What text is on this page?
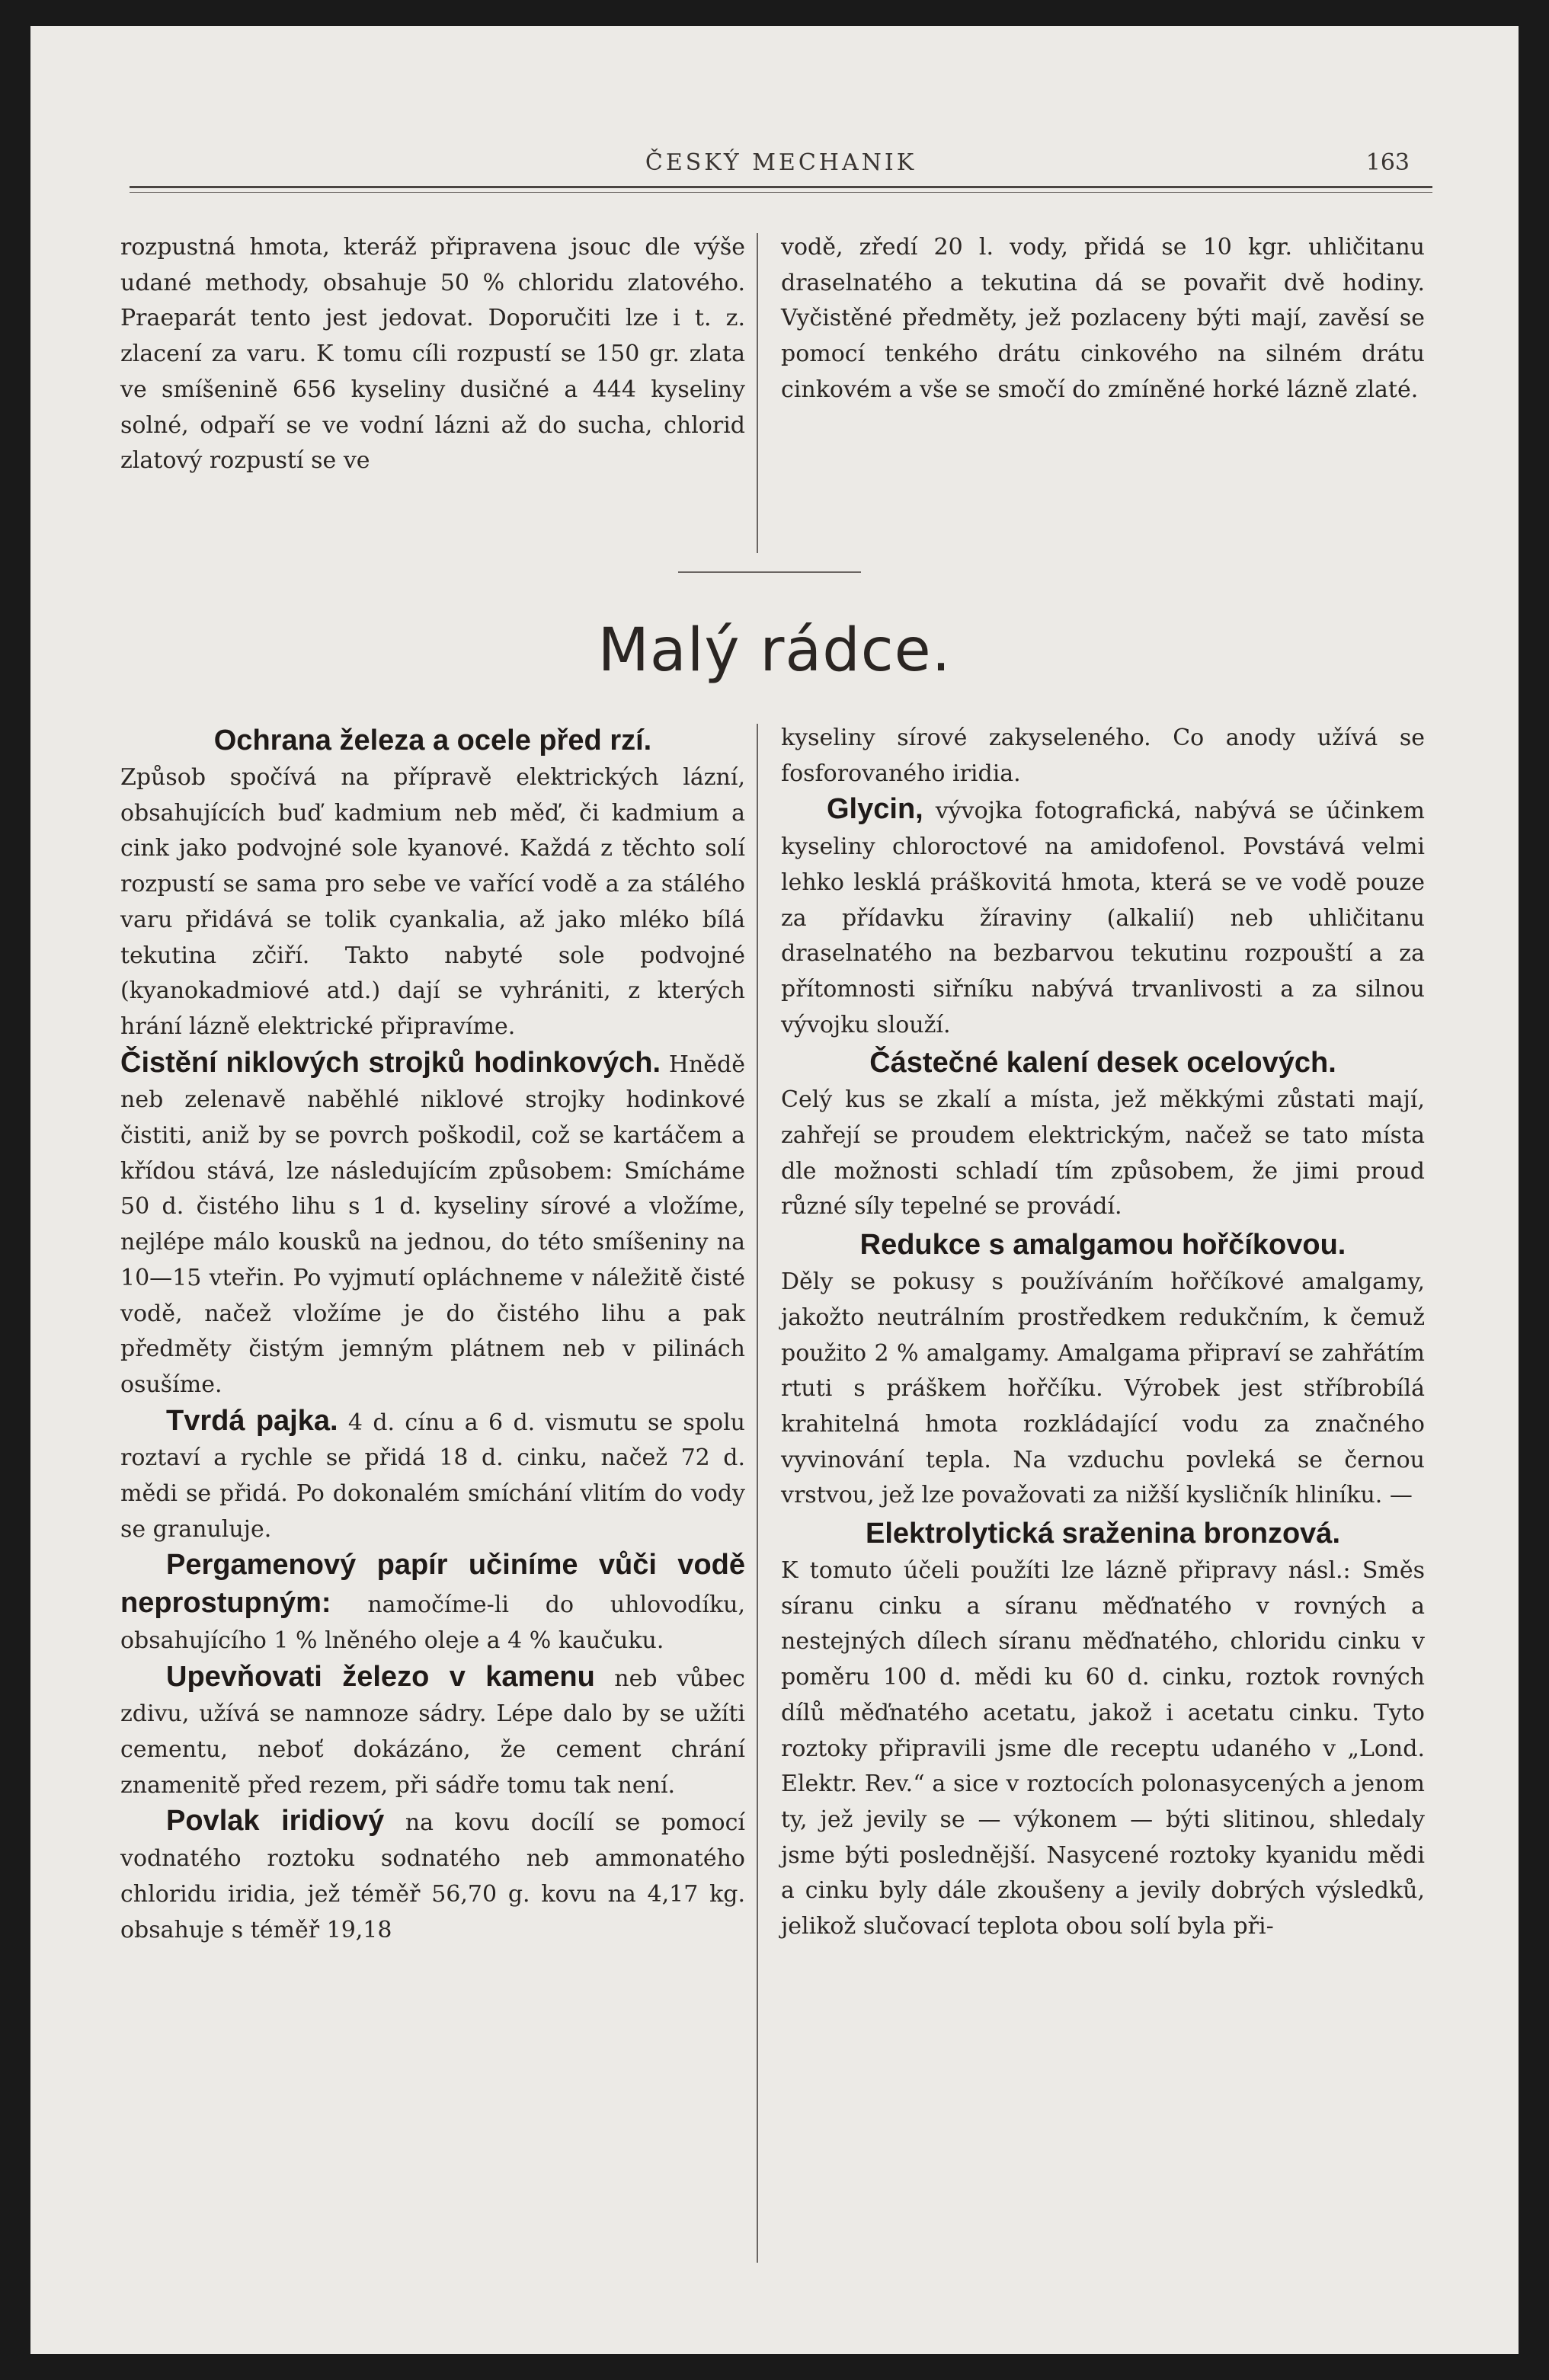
ČESKÝ MECHANIK	163

rozpustná hmota, kteráž připravena jsouc dle výše udané methody, obsahuje 50 % chloridu zlatového. Praeparát tento jest jedovat. Doporučiti lze i t. z. zlacení za varu. K tomu cíli rozpustí se 150 gr. zlata ve smíšenině 656 kyseliny dusičné a 444 kyseliny solné, odpaří se ve vodní lázni až do sucha, chlorid zlatový rozpustí se ve

vodě, zředí 20 l. vody, přidá se 10 kgr. uhličitanu draselnatého a tekutina dá se povařit dvě hodiny. Vyčistěné předměty, jež pozlaceny býti mají, zavěsí se pomocí tenkého drátu cinkového na silném drátu cinkovém a vše se smočí do zmíněné horké lázně zlaté.

Malý rádce.
Ochrana železa a ocele před rzí.

Způsob spočívá na přípravě elektrických lázní, obsahujících buď kadmium neb měď, či kadmium a cink jako podvojné sole kyanové. Každá z těchto solí rozpustí se sama pro sebe ve vařící vodě a za stálého varu přidává se tolik cyankalia, až jako mléko bílá tekutina zčiří. Takto nabyté sole podvojné (kyanokadmiové atd.) dají se vyhrániti, z kterých hrání lázně elektrické připravíme.

Čistění niklových strojků hodinkových. Hnědě neb zelenavě naběhlé niklové strojky hodinkové čistiti, aniž by se povrch poškodil, což se kartáčem a křídou stává, lze následujícím způsobem: Smícháme 50 d. čistého lihu s 1 d. kyseliny sírové a vložíme, nejlépe málo kousků na jednou, do této smíšeniny na 10—15 vteřin. Po vyjmutí opláchneme v náležitě čisté vodě, načež vložíme je do čistého lihu a pak předměty čistým jemným plátnem neb v pilinách osušíme.

  Tvrdá pajka. 4 d. cínu a 6 d. vismutu se spolu roztaví a rychle se přidá 18 d. cinku, načež 72 d. mědi se přidá. Po dokonalém smíchání vlitím do vody se granuluje.

  Pergamenový papír učiníme vůči vodě neprostupným: namočíme-li do uhlovodíku, obsahujícího 1 % lněného oleje a 4 % kaučuku.

  Upevňovati železo v kamenu neb vůbec zdivu, užívá se namnoze sádry. Lépe dalo by se užíti cementu, neboť dokázáno, že cement chrání znamenitě před rezem, při sádře tomu tak není.

  Povlak iridiový na kovu docílí se pomocí vodnatého roztoku sodnatého neb ammonatého chloridu iridia, jež téměř 56,70 g. kovu na 4,17 kg. obsahuje s téměř 19,18

kyseliny sírové zakyseleného. Co anody užívá se fosforovaného iridia.

  Glycin, vývojka fotografická, nabývá se účinkem kyseliny chloroctové na amidofenol. Povstává velmi lehko lesklá práškovitá hmota, která se ve vodě pouze za přídavku žíraviny (alkalií) neb uhličitanu draselnatého na bezbarvou tekutinu rozpouští a za přítomnosti siřníku nabývá trvanlivosti a za silnou vývojku slouží.

Částečné kalení desek ocelových.

Celý kus se zkalí a místa, jež měkkými zůstati mají, zahřejí se proudem elektrickým, načež se tato místa dle možnosti schladí tím způsobem, že jimi proud různé síly tepelné se provádí.

Redukce s amalgamou hořčíkovou.

Děly se pokusy s používáním hořčíkové amalgamy, jakožto neutrálním prostředkem redukčním, k čemuž použito 2 % amalgamy. Amalgama připraví se zahřátím rtuti s práškem hořčíku. Výrobek jest stříbrobílá krahitelná hmota rozkládající vodu za značného vyvinování tepla. Na vzduchu povleká se černou vrstvou, jež lze považovati za nižší kysličník hliníku. —

Elektrolytická sraženina bronzová.

K tomuto účeli použíti lze lázně připravy násl.: Směs síranu cinku a síranu měďnatého v rovných a nestejných dílech síranu měďnatého, chloridu cinku v poměru 100 d. mědi ku 60 d. cinku, roztok rovných dílů měďnatého acetatu, jakož i acetatu cinku. Tyto roztoky připravili jsme dle receptu udaného v „Lond. Elektr. Rev.“ a sice v roztocích polonasycených a jenom ty, jež jevily se — výkonem — býti slitinou, shledaly jsme býti poslednější. Nasycené roztoky kyanidu mědi a cinku byly dále zkoušeny a jevily dobrých výsledků, jelikož slučovací teplota obou solí byla při-
